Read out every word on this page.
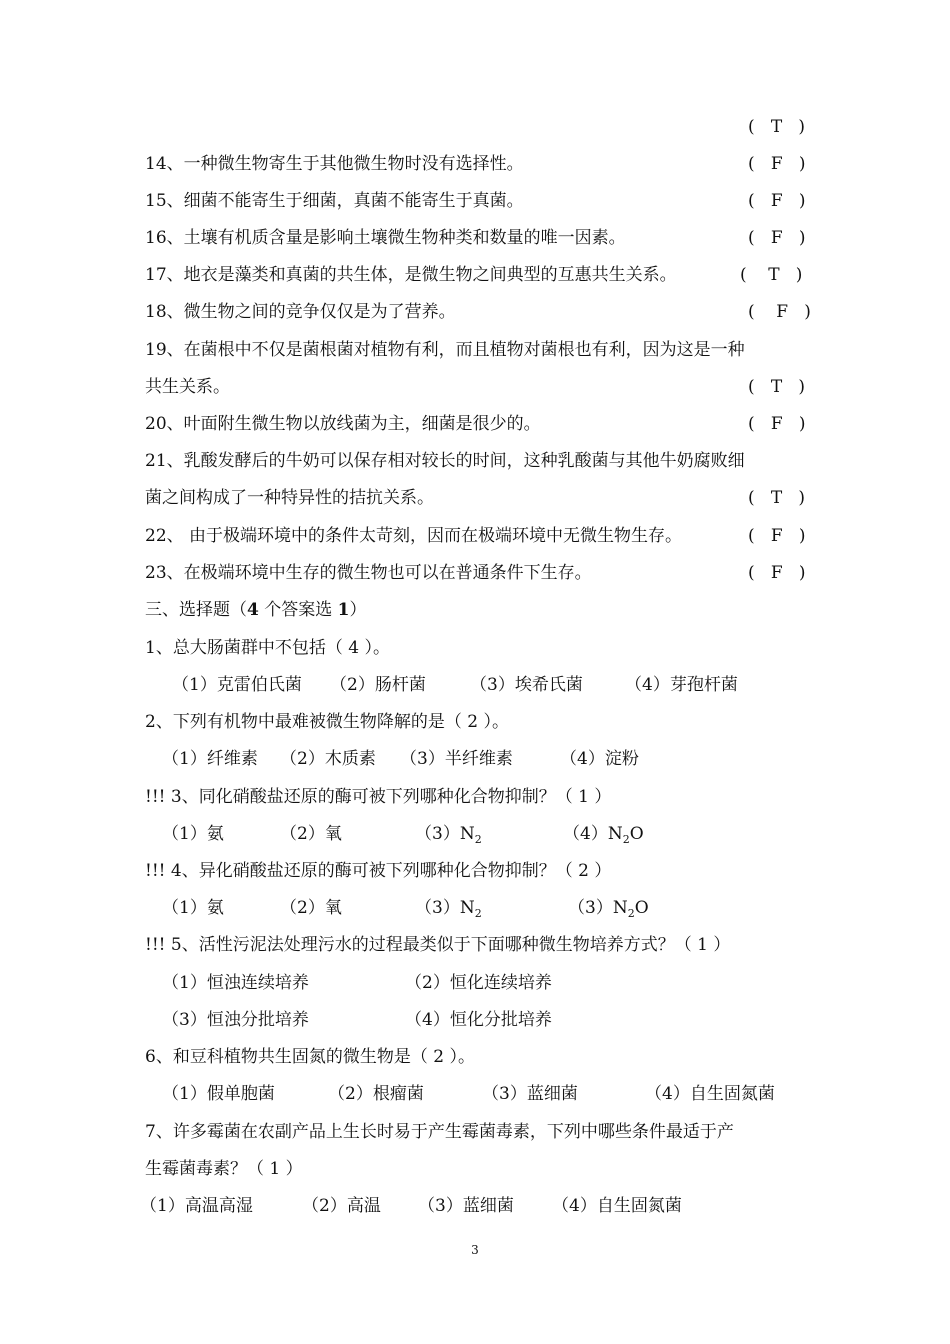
(   T   )
14、一种微生物寄生于其他微生物时没有选择性。	(   F   )
15、细菌不能寄生于细菌，真菌不能寄生于真菌。	(   F   )
16、土壤有机质含量是影响土壤微生物种类和数量的唯一因素。	(   F   )
17、地衣是藻类和真菌的共生体，是微生物之间典型的互惠共生关系。	(    T   )
18、微生物之间的竞争仅仅是为了营养。	(    F   )
19、在菌根中不仅是菌根菌对植物有利，而且植物对菌根也有利，因为这是一种
共生关系。	(   T   )
20、叶面附生微生物以放线菌为主，细菌是很少的。	(   F   )
21、乳酸发酵后的牛奶可以保存相对较长的时间，这种乳酸菌与其他牛奶腐败细
菌之间构成了一种特异性的拮抗关系。	(   T   )
22、 由于极端环境中的条件太苛刻，因而在极端环境中无微生物生存。	(   F   )
23、在极端环境中生存的微生物也可以在普通条件下生存。	(   F   )
三、选择题（4 个答案选 1）
1、总大肠菌群中不包括（ 4 ）。
（1）克雷伯氏菌 （2）肠杆菌	（3）埃希氏菌 （4）芽孢杆菌
2、下列有机物中最难被微生物降解的是（ 2 ）。
（1）纤维素 （2）木质素 （3）半纤维素	（4）淀粉
!!! 3、同化硝酸盐还原的酶可被下列哪种化合物抑制？（ 1 ）
（1）氨	（2）氧	$(3)N_2$	$(4)N_2O$
!!! 4、异化硝酸盐还原的酶可被下列哪种化合物抑制？（ 2 ）
（1）氨	（2）氧	$(3)N_2$	$(3)N_2O$
!!! 5、活性污泥法处理污水的过程最类似于下面哪种微生物培养方式？（ 1 ）
（1）恒浊连续培养	（2）恒化连续培养
（3）恒浊分批培养	（4）恒化分批培养
6、和豆科植物共生固氮的微生物是（ 2 ）。
（1）假单胞菌	（2）根瘤菌	（3）蓝细菌	（4）自生固氮菌
7、许多霉菌在农副产品上生长时易于产生霉菌毒素，下列中哪些条件最适于产
生霉菌毒素？（ 1 ）
（1）高温高湿	（2）高温 （3）蓝细菌 （4）自生固氮菌
3
